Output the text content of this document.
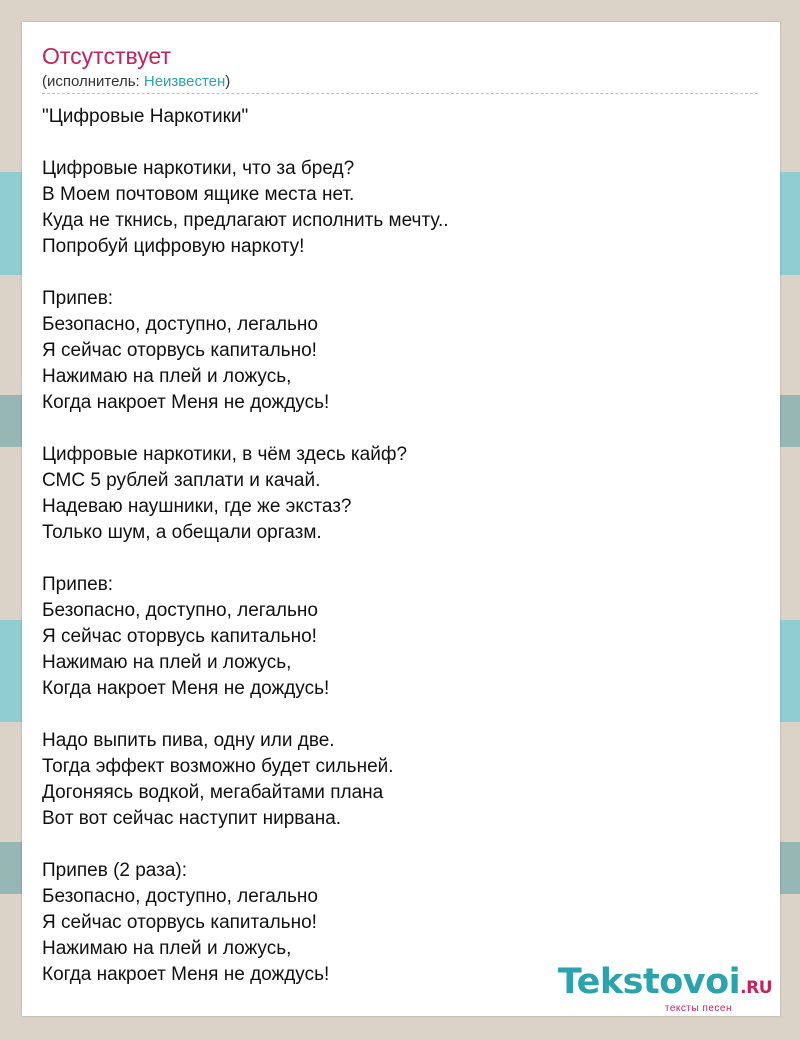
Отсутствует
(исполнитель: Неизвестен)
"Цифровые Наркотики"
Цифровые наркотики, что за бред?
В Моем почтовом ящике места нет.
Куда не ткнись, предлагают исполнить мечту..
Попробуй цифровую наркоту!
Припев:
Безопасно, доступно, легально
Я сейчас оторвусь капитально!
Нажимаю на плей и ложусь,
Когда накроет Меня не дождусь!
Цифровые наркотики, в чём здесь кайф?
СМС 5 рублей заплати и качай.
Надеваю наушники, где же экстаз?
Только шум, а обещали оргазм.
Припев:
Безопасно, доступно, легально
Я сейчас оторвусь капитально!
Нажимаю на плей и ложусь,
Когда накроет Меня не дождусь!
Надо выпить пива, одну или две.
Тогда эффект возможно будет сильней.
Догоняясь водкой, мегабайтами плана
Вот вот сейчас наступит нирвана.
Припев (2 раза):
Безопасно, доступно, легально
Я сейчас оторвусь капитально!
Нажимаю на плей и ложусь,
Когда накроет Меня не дождусь!	Tekstovoi.RU
тексты песен
